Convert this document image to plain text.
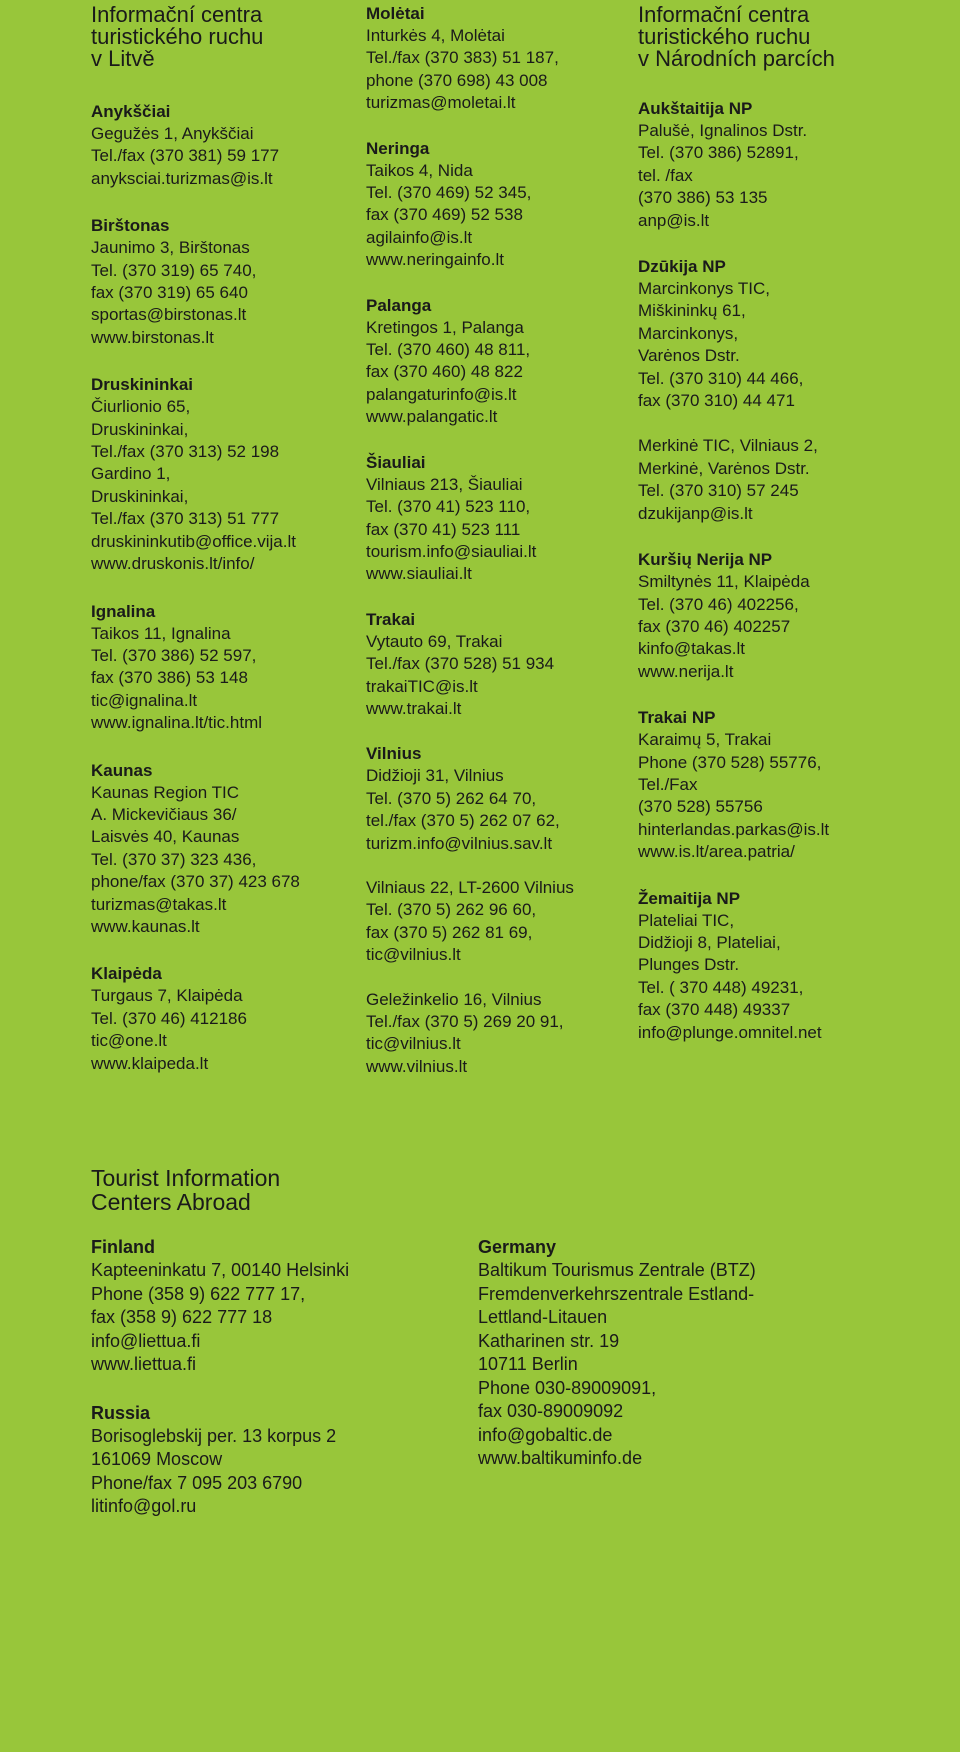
Informační centra
turistického ruchu
v Litvě
Anykščiai
Gegužės 1, Anykščiai
Tel./fax (370 381) 59 177
anyksciai.turizmas@is.lt
Birštonas
Jaunimo 3, Birštonas
Tel. (370 319) 65 740,
fax (370 319) 65 640
sportas@birstonas.lt
www.birstonas.lt
Druskininkai
Čiurlionio 65,
Druskininkai,
Tel./fax (370 313) 52 198
Gardino 1,
Druskininkai,
Tel./fax (370 313) 51 777
druskininkutib@office.vija.lt
www.druskonis.lt/info/
Ignalina
Taikos 11, Ignalina
Tel. (370 386) 52 597,
fax (370 386) 53 148
tic@ignalina.lt
www.ignalina.lt/tic.html
Kaunas
Kaunas Region TIC
A. Mickevičiaus 36/
Laisvės 40, Kaunas
Tel. (370 37) 323 436,
phone/fax (370 37) 423 678
turizmas@takas.lt
www.kaunas.lt
Klaipėda
Turgaus 7, Klaipėda
Tel. (370 46) 412186
tic@one.lt
www.klaipeda.lt
Molėtai
Inturkės 4, Molėtai
Tel./fax (370 383) 51 187,
phone (370 698) 43 008
turizmas@moletai.lt
Neringa
Taikos 4, Nida
Tel. (370 469) 52 345,
fax (370 469) 52 538
agilainfo@is.lt
www.neringainfo.lt
Palanga
Kretingos 1, Palanga
Tel. (370 460) 48 811,
fax (370 460) 48 822
palangaturinfo@is.lt
www.palangatic.lt
Šiauliai
Vilniaus 213, Šiauliai
Tel. (370 41) 523 110,
fax (370 41) 523 111
tourism.info@siauliai.lt
www.siauliai.lt
Trakai
Vytauto 69, Trakai
Tel./fax (370 528) 51 934
trakaiTIC@is.lt
www.trakai.lt
Vilnius
Didžioji 31, Vilnius
Tel. (370 5) 262 64 70,
tel./fax (370 5) 262 07 62,
turizm.info@vilnius.sav.lt
Vilniaus 22, LT-2600 Vilnius
Tel. (370 5) 262 96 60,
fax (370 5) 262 81 69,
tic@vilnius.lt
Geležinkelio 16, Vilnius
Tel./fax (370 5) 269 20 91,
tic@vilnius.lt
www.vilnius.lt
Informační centra
turistického ruchu
v Národních parcích
Aukštaitija NP
Palušė, Ignalinos Dstr.
Tel. (370 386) 52891,
tel. /fax
(370 386) 53 135
anp@is.lt
Dzūkija NP
Marcinkonys TIC,
Miškininkų 61,
Marcinkonys,
Varėnos Dstr.
Tel. (370 310) 44 466,
fax (370 310) 44 471
Merkinė TIC, Vilniaus 2,
Merkinė, Varėnos Dstr.
Tel. (370 310) 57 245
dzukijanp@is.lt
Kuršių Nerija NP
Smiltynės 11, Klaipėda
Tel. (370 46) 402256,
fax (370 46) 402257
kinfo@takas.lt
www.nerija.lt
Trakai NP
Karaimų 5, Trakai
Phone (370 528) 55776,
Tel./Fax
(370 528) 55756
hinterlandas.parkas@is.lt
www.is.lt/area.patria/
Žemaitija NP
Plateliai TIC,
Didžioji 8, Plateliai,
Plunges Dstr.
Tel. ( 370 448) 49231,
fax (370 448) 49337
info@plunge.omnitel.net
Tourist Information
Centers Abroad
Finland
Kapteeninkatu 7, 00140 Helsinki
Phone (358 9) 622 777 17,
fax (358 9) 622 777 18
info@liettua.fi
www.liettua.fi
Russia
Borisoglebskij per. 13 korpus 2
161069 Moscow
Phone/fax 7 095 203 6790
litinfo@gol.ru
Germany
Baltikum Tourismus Zentrale (BTZ)
Fremdenverkehrszentrale Estland-
Lettland-Litauen
Katharinen str. 19
10711 Berlin
Phone 030-89009091,
fax 030-89009092
info@gobaltic.de
www.baltikuminfo.de
